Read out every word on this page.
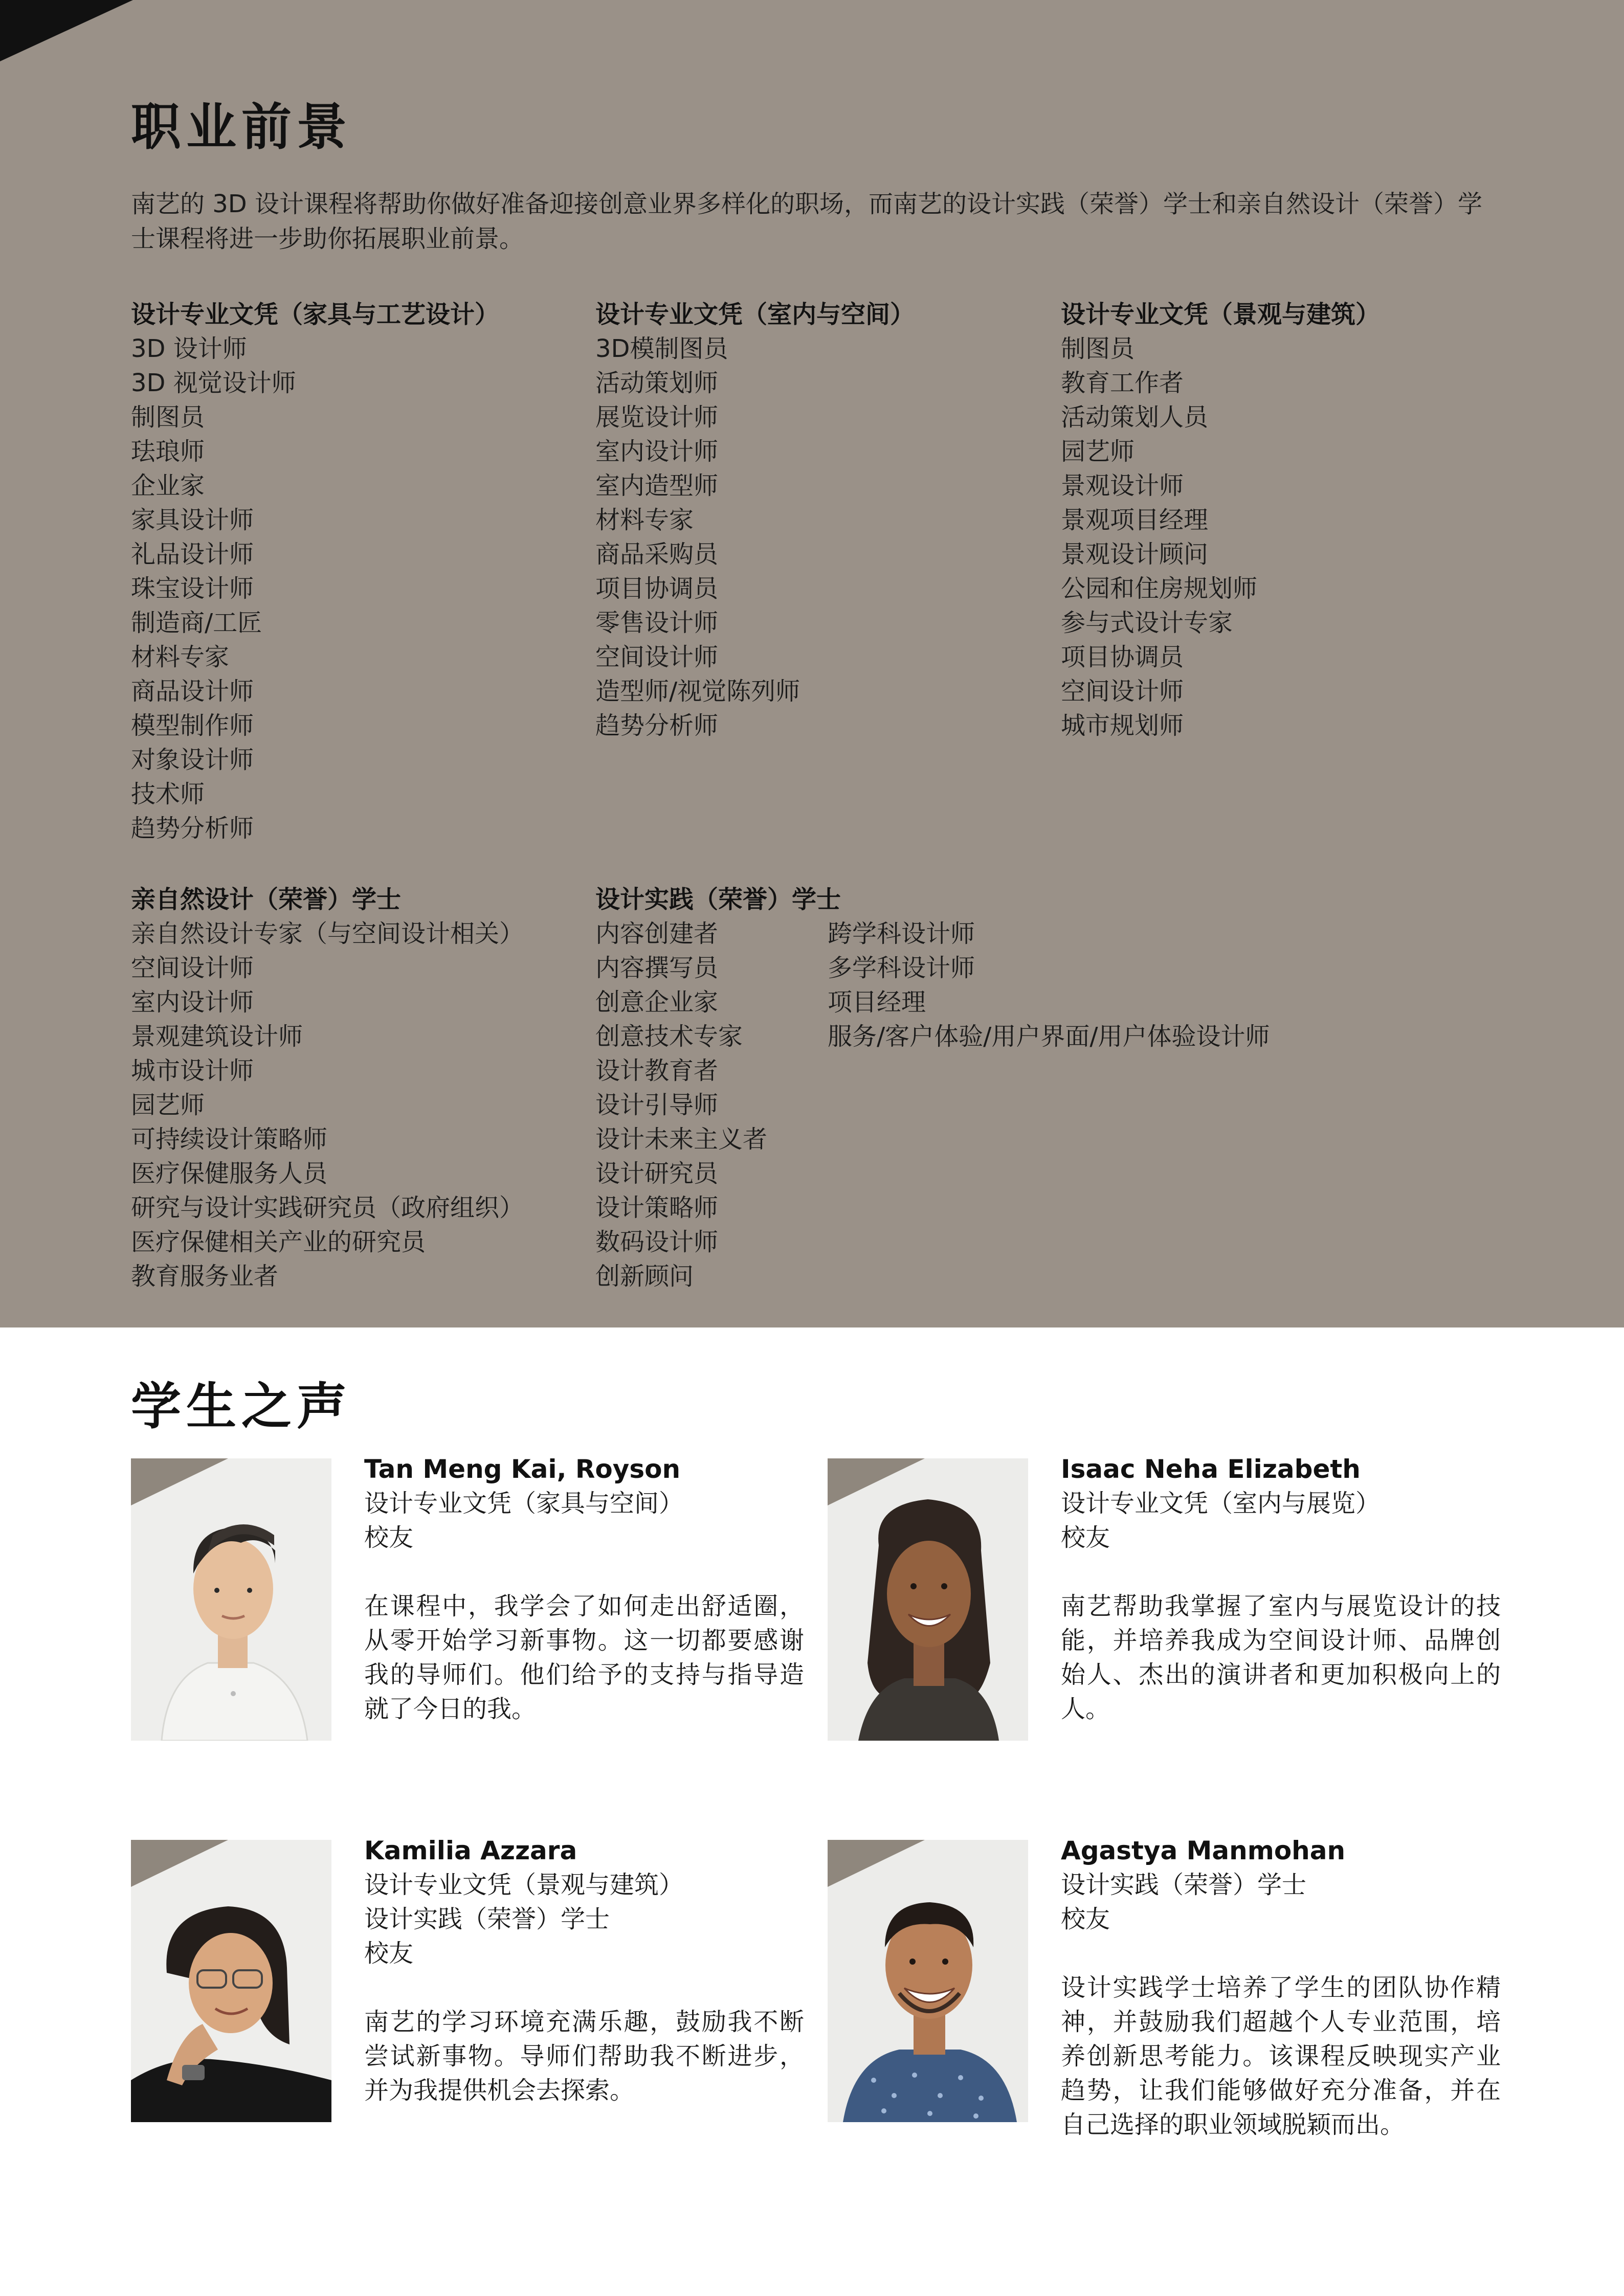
职业前景

南艺的 3D 设计课程将帮助你做好准备迎接创意业界多样化的职场，而南艺的设计实践（荣誉）学士和亲自然设计（荣誉）学士课程将进一步助你拓展职业前景。

设计专业文凭（家具与工艺设计）
3D 设计师
3D 视觉设计师
制图员
珐琅师
企业家
家具设计师
礼品设计师
珠宝设计师
制造商/工匠
材料专家
商品设计师
模型制作师
对象设计师
技术师
趋势分析师
设计专业文凭（室内与空间）
3D模制图员
活动策划师
展览设计师
室内设计师
室内造型师
材料专家
商品采购员
项目协调员
零售设计师
空间设计师
造型师/视觉陈列师
趋势分析师
设计专业文凭（景观与建筑）
制图员
教育工作者
活动策划人员
园艺师
景观设计师
景观项目经理
景观设计顾问
公园和住房规划师
参与式设计专家
项目协调员
空间设计师
城市规划师
亲自然设计（荣誉）学士
亲自然设计专家（与空间设计相关）
空间设计师
室内设计师
景观建筑设计师
城市设计师
园艺师
可持续设计策略师
医疗保健服务人员
研究与设计实践研究员（政府组织）
医疗保健相关产业的研究员
教育服务业者
设计实践（荣誉）学士
内容创建者
内容撰写员
创意企业家
创意技术专家
设计教育者
设计引导师
设计未来主义者
设计研究员
设计策略师
数码设计师
创新顾问
跨学科设计师
多学科设计师
项目经理
服务/客户体验/用户界面/用户体验设计师
学生之声
Tan Meng Kai, Royson
设计专业文凭（家具与空间）
校友
在课程中，我学会了如何走出舒适圈，从零开始学习新事物。这一切都要感谢我的导师们。他们给予的支持与指导造就了今日的我。
Isaac Neha Elizabeth
设计专业文凭（室内与展览）
校友
南艺帮助我掌握了室内与展览设计的技能，并培养我成为空间设计师、品牌创始人、杰出的演讲者和更加积极向上的人。
Kamilia Azzara
设计专业文凭（景观与建筑）
设计实践（荣誉）学士
校友
南艺的学习环境充满乐趣，鼓励我不断尝试新事物。导师们帮助我不断进步，并为我提供机会去探索。
Agastya Manmohan
设计实践（荣誉）学士
校友
设计实践学士培养了学生的团队协作精神，并鼓励我们超越个人专业范围，培养创新思考能力。该课程反映现实产业趋势，让我们能够做好充分准备，并在自己选择的职业领域脱颖而出。
